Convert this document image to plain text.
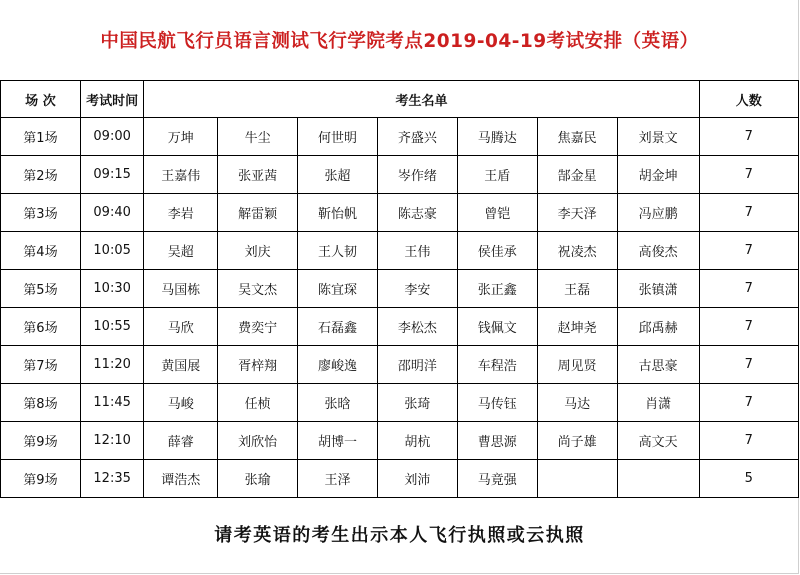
中国民航飞行员语言测试飞行学院考点2019-04-19考试安排（英语）
场 次	考试时间	考生名单							人数
第1场	09:00	万坤	牛尘	何世明	齐盛兴	马腾达	焦嘉民	刘景文	7
第2场	09:15	王嘉伟	张亚茜	张超	岑作绪	王盾	郜金星	胡金坤	7
第3场	09:40	李岩	解雷颖	靳怡帆	陈志豪	曾铠	李天泽	冯应鹏	7
第4场	10:05	吴超	刘庆	王人韧	王伟	侯佳承	祝凌杰	高俊杰	7
第5场	10:30	马国栋	吴文杰	陈宜琛	李安	张正鑫	王磊	张镇潇	7
第6场	10:55	马欣	费奕宁	石磊鑫	李松杰	钱佩文	赵坤尧	邱禹赫	7
第7场	11:20	黄国展	胥梓翔	廖峻逸	邵明洋	车程浩	周见贤	古思豪	7
第8场	11:45	马峻	任桢	张晗	张琦	马传钰	马达	肖潇	7
第9场	12:10	薛睿	刘欣怡	胡博一	胡杭	曹思源	尚子雄	高文天	7
第9场	12:35	谭浩杰	张瑜	王泽	刘沛	马竟强			5
请考英语的考生出示本人飞行执照或云执照
